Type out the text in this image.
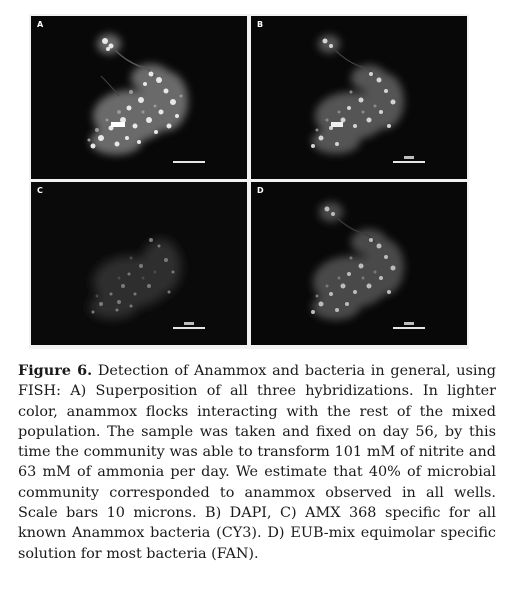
A	B
C	D

Figure 6. Detection of Anammox and bacteria in general, using FISH: A) Superposition of all three hybridizations. In lighter color, anammox flocks interacting with the rest of the mixed population. The sample was taken and fixed on day 56, by this time the community was able to transform 101 mM of nitrite and 63 mM of ammonia per day. We estimate that 40% of microbial community corresponded to anammox observed in all wells. Scale bars 10 microns. B) DAPI, C) AMX 368 specific for all known Anammox bacteria (CY3). D) EUB-mix equimolar specific solution for most bacteria (FAN).
